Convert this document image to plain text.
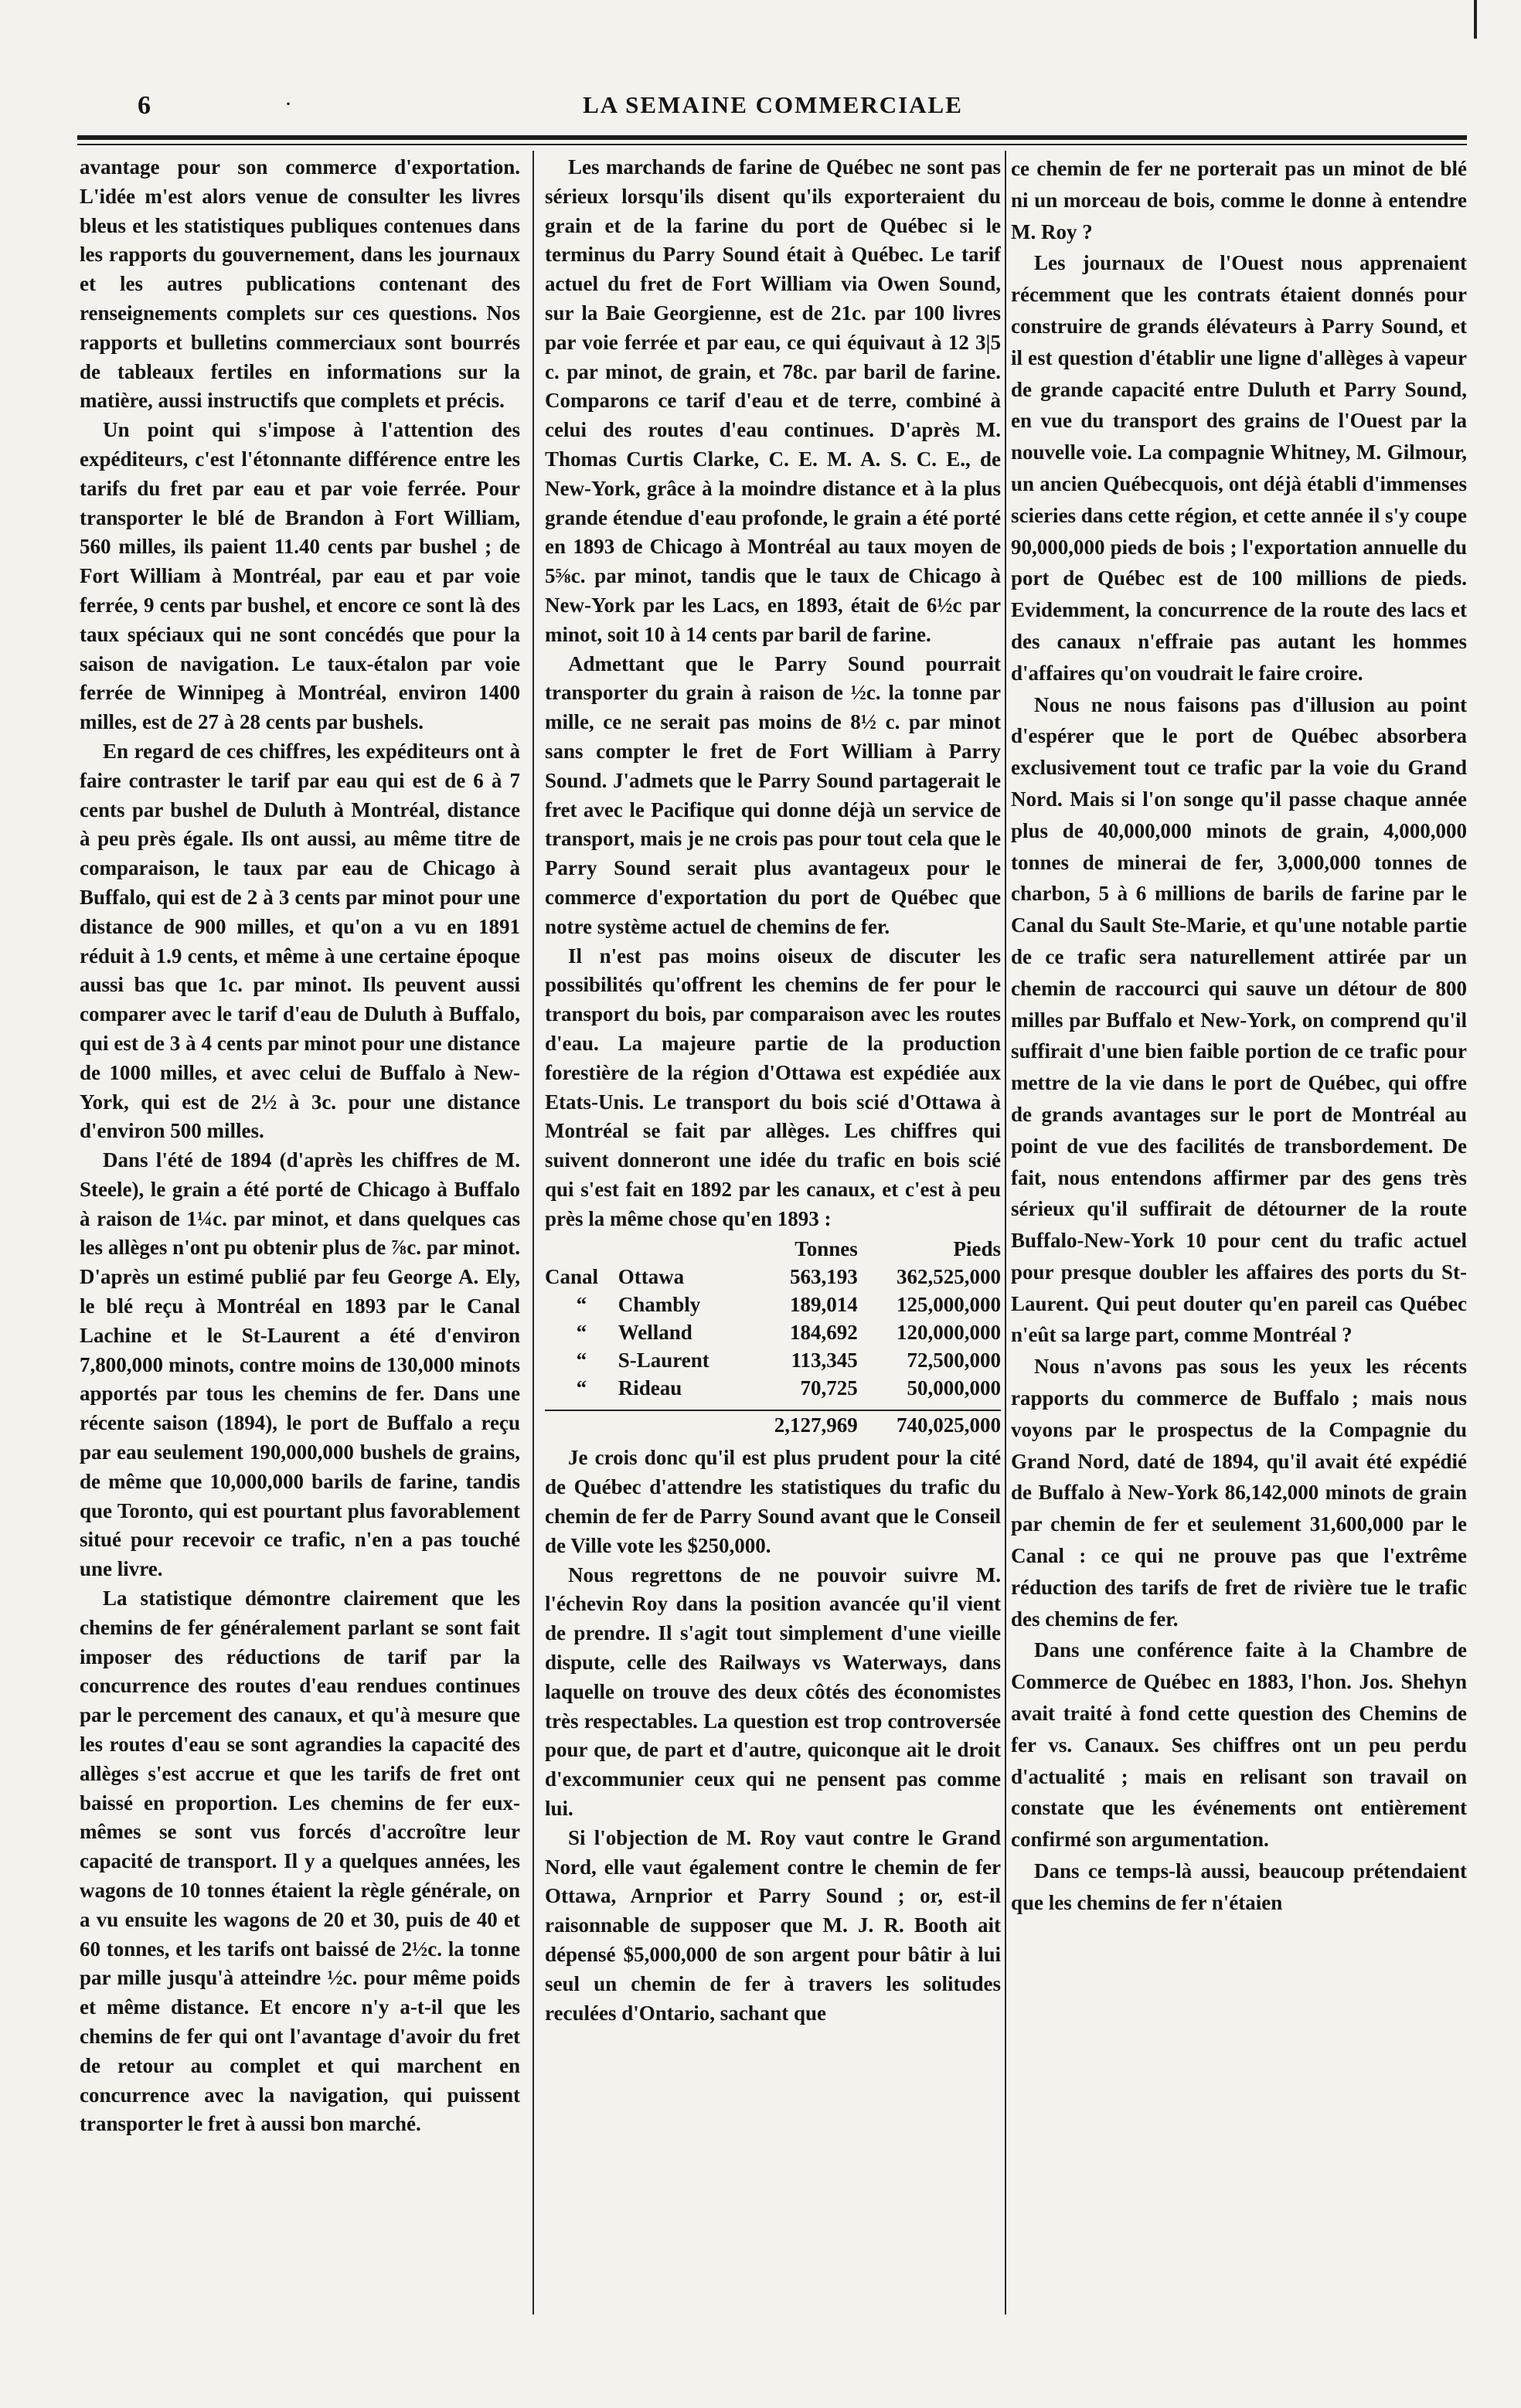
6	·	LA SEMAINE COMMERCIALE

avantage pour son commerce d'exportation. L'idée m'est alors venue de consulter les livres bleus et les statistiques publiques contenues dans les rapports du gouvernement, dans les journaux et les autres publications contenant des renseignements complets sur ces questions. Nos rapports et bulletins commerciaux sont bourrés de tableaux fertiles en informations sur la matière, aussi instructifs que complets et précis.

Un point qui s'impose à l'attention des expéditeurs, c'est l'étonnante différence entre les tarifs du fret par eau et par voie ferrée. Pour transporter le blé de Brandon à Fort William, 560 milles, ils paient 11.40 cents par bushel ; de Fort William à Montréal, par eau et par voie ferrée, 9 cents par bushel, et encore ce sont là des taux spéciaux qui ne sont concédés que pour la saison de navigation. Le taux-étalon par voie ferrée de Winnipeg à Montréal, environ 1400 milles, est de 27 à 28 cents par bushels.

En regard de ces chiffres, les expéditeurs ont à faire contraster le tarif par eau qui est de 6 à 7 cents par bushel de Duluth à Montréal, distance à peu près égale. Ils ont aussi, au même titre de comparaison, le taux par eau de Chicago à Buffalo, qui est de 2 à 3 cents par minot pour une distance de 900 milles, et qu'on a vu en 1891 réduit à 1.9 cents, et même à une certaine époque aussi bas que 1c. par minot. Ils peuvent aussi comparer avec le tarif d'eau de Duluth à Buffalo, qui est de 3 à 4 cents par minot pour une distance de 1000 milles, et avec celui de Buffalo à New-York, qui est de 2½ à 3c. pour une distance d'environ 500 milles.

Dans l'été de 1894 (d'après les chiffres de M. Steele), le grain a été porté de Chicago à Buffalo à raison de 1¼c. par minot, et dans quelques cas les allèges n'ont pu obtenir plus de ⅞c. par minot. D'après un estimé publié par feu George A. Ely, le blé reçu à Montréal en 1893 par le Canal Lachine et le St-Laurent a été d'environ 7,800,000 minots, contre moins de 130,000 minots apportés par tous les chemins de fer. Dans une récente saison (1894), le port de Buffalo a reçu par eau seulement 190,000,000 bushels de grains, de même que 10,000,000 barils de farine, tandis que Toronto, qui est pourtant plus favorablement situé pour recevoir ce trafic, n'en a pas touché une livre.

La statistique démontre clairement que les chemins de fer généralement parlant se sont fait imposer des réductions de tarif par la concurrence des routes d'eau rendues continues par le percement des canaux, et qu'à mesure que les routes d'eau se sont agrandies la capacité des allèges s'est accrue et que les tarifs de fret ont baissé en proportion. Les chemins de fer eux-mêmes se sont vus forcés d'accroître leur capacité de transport. Il y a quelques années, les wagons de 10 tonnes étaient la règle générale, on a vu ensuite les wagons de 20 et 30, puis de 40 et 60 tonnes, et les tarifs ont baissé de 2½c. la tonne par mille jusqu'à atteindre ½c. pour même poids et même distance. Et encore n'y a-t-il que les chemins de fer qui ont l'avantage d'avoir du fret de retour au complet et qui marchent en concurrence avec la navigation, qui puissent transporter le fret à aussi bon marché.

Les marchands de farine de Québec ne sont pas sérieux lorsqu'ils disent qu'ils exporteraient du grain et de la farine du port de Québec si le terminus du Parry Sound était à Québec. Le tarif actuel du fret de Fort William via Owen Sound, sur la Baie Georgienne, est de 21c. par 100 livres par voie ferrée et par eau, ce qui équivaut à 12 3|5 c. par minot, de grain, et 78c. par baril de farine. Comparons ce tarif d'eau et de terre, combiné à celui des routes d'eau continues. D'après M. Thomas Curtis Clarke, C. E. M. A. S. C. E., de New-York, grâce à la moindre distance et à la plus grande étendue d'eau profonde, le grain a été porté en 1893 de Chicago à Montréal au taux moyen de 5⅝c. par minot, tandis que le taux de Chicago à New-York par les Lacs, en 1893, était de 6½c par minot, soit 10 à 14 cents par baril de farine.

Admettant que le Parry Sound pourrait transporter du grain à raison de ½c. la tonne par mille, ce ne serait pas moins de 8½ c. par minot sans compter le fret de Fort William à Parry Sound. J'admets que le Parry Sound partagerait le fret avec le Pacifique qui donne déjà un service de transport, mais je ne crois pas pour tout cela que le Parry Sound serait plus avantageux pour le commerce d'exportation du port de Québec que notre système actuel de chemins de fer.

Il n'est pas moins oiseux de discuter les possibilités qu'offrent les chemins de fer pour le transport du bois, par comparaison avec les routes d'eau. La majeure partie de la production forestière de la région d'Ottawa est expédiée aux Etats-Unis. Le transport du bois scié d'Ottawa à Montréal se fait par allèges. Les chiffres qui suivent donneront une idée du trafic en bois scié qui s'est fait en 1892 par les canaux, et c'est à peu près la même chose qu'en 1893 :

		Tonnes	Pieds
Canal	Ottawa	563,193	362,525,000
“	Chambly	189,014	125,000,000
“	Welland	184,692	120,000,000
“	S-Laurent	113,345	72,500,000
“	Rideau	70,725	50,000,000

		2,127,969	740,025,000

Je crois donc qu'il est plus prudent pour la cité de Québec d'attendre les statistiques du trafic du chemin de fer de Parry Sound avant que le Conseil de Ville vote les $250,000.

Nous regrettons de ne pouvoir suivre M. l'échevin Roy dans la position avancée qu'il vient de prendre. Il s'agit tout simplement d'une vieille dispute, celle des Railways vs Waterways, dans laquelle on trouve des deux côtés des économistes très respectables. La question est trop controversée pour que, de part et d'autre, quiconque ait le droit d'excommunier ceux qui ne pensent pas comme lui.

Si l'objection de M. Roy vaut contre le Grand Nord, elle vaut également contre le chemin de fer Ottawa, Arnprior et Parry Sound ; or, est-il raisonnable de supposer que M. J. R. Booth ait dépensé $5,000,000 de son argent pour bâtir à lui seul un chemin de fer à travers les solitudes reculées d'Ontario, sachant que

ce chemin de fer ne porterait pas un minot de blé ni un morceau de bois, comme le donne à entendre M. Roy ?

Les journaux de l'Ouest nous apprenaient récemment que les contrats étaient donnés pour construire de grands élévateurs à Parry Sound, et il est question d'établir une ligne d'allèges à vapeur de grande capacité entre Duluth et Parry Sound, en vue du transport des grains de l'Ouest par la nouvelle voie. La compagnie Whitney, M. Gilmour, un ancien Québecquois, ont déjà établi d'immenses scieries dans cette région, et cette année il s'y coupe 90,000,000 pieds de bois ; l'exportation annuelle du port de Québec est de 100 millions de pieds. Evidemment, la concurrence de la route des lacs et des canaux n'effraie pas autant les hommes d'affaires qu'on voudrait le faire croire.

Nous ne nous faisons pas d'illusion au point d'espérer que le port de Québec absorbera exclusivement tout ce trafic par la voie du Grand Nord. Mais si l'on songe qu'il passe chaque année plus de 40,000,000 minots de grain, 4,000,000 tonnes de minerai de fer, 3,000,000 tonnes de charbon, 5 à 6 millions de barils de farine par le Canal du Sault Ste-Marie, et qu'une notable partie de ce trafic sera naturellement attirée par un chemin de raccourci qui sauve un détour de 800 milles par Buffalo et New-York, on comprend qu'il suffirait d'une bien faible portion de ce trafic pour mettre de la vie dans le port de Québec, qui offre de grands avantages sur le port de Montréal au point de vue des facilités de transbordement. De fait, nous entendons affirmer par des gens très sérieux qu'il suffirait de détourner de la route Buffalo-New-York 10 pour cent du trafic actuel pour presque doubler les affaires des ports du St-Laurent. Qui peut douter qu'en pareil cas Québec n'eût sa large part, comme Montréal ?

Nous n'avons pas sous les yeux les récents rapports du commerce de Buffalo ; mais nous voyons par le prospectus de la Compagnie du Grand Nord, daté de 1894, qu'il avait été expédié de Buffalo à New-York 86,142,000 minots de grain par chemin de fer et seulement 31,600,000 par le Canal : ce qui ne prouve pas que l'extrême réduction des tarifs de fret de rivière tue le trafic des chemins de fer.

Dans une conférence faite à la Chambre de Commerce de Québec en 1883, l'hon. Jos. Shehyn avait traité à fond cette question des Chemins de fer vs. Canaux. Ses chiffres ont un peu perdu d'actualité ; mais en relisant son travail on constate que les événements ont entièrement confirmé son argumentation.

Dans ce temps-là aussi, beaucoup prétendaient que les chemins de fer n'étaien
